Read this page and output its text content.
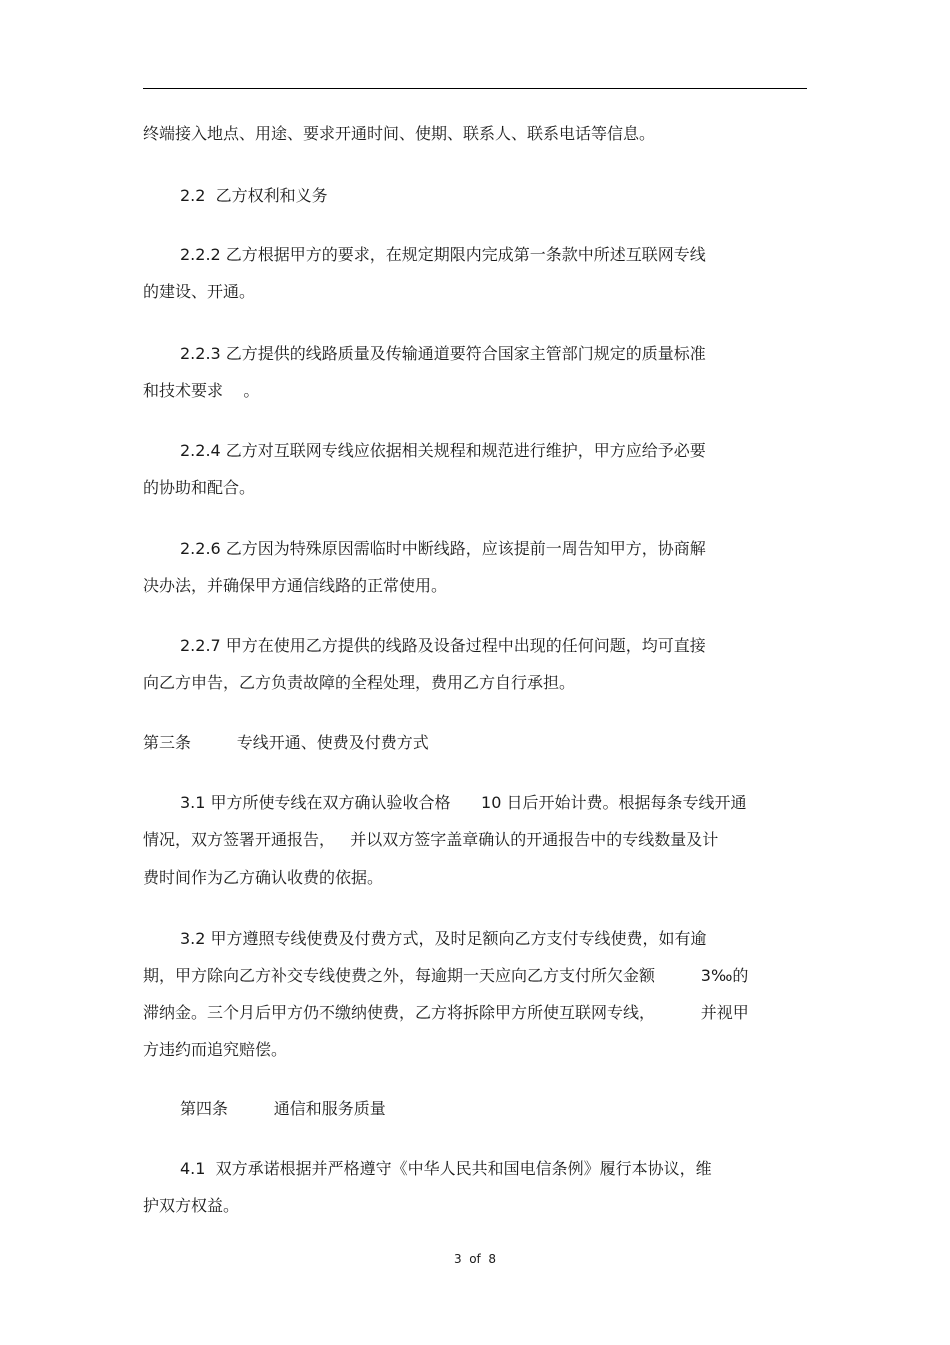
终端接入地点、用途、要求开通时间、使期、联系人、联系电话等信息。

2.2  乙方权利和义务

2.2.2 乙方根据甲方的要求，在规定期限内完成第一条款中所述互联网专线

的建设、开通。

2.2.3 乙方提供的线路质量及传输通道要符合国家主管部门规定的质量标准

和技术要求    。

2.2.4 乙方对互联网专线应依据相关规程和规范进行维护，甲方应给予必要

的协助和配合。

2.2.6 乙方因为特殊原因需临时中断线路，应该提前一周告知甲方，协商解

决办法，并确保甲方通信线路的正常使用。

2.2.7 甲方在使用乙方提供的线路及设备过程中出现的任何问题，均可直接

向乙方申告，乙方负责故障的全程处理，费用乙方自行承担。

第三条         专线开通、使费及付费方式

3.1 甲方所使专线在双方确认验收合格      10 日后开始计费。根据每条专线开通

情况，双方签署开通报告，   并以双方签字盖章确认的开通报告中的专线数量及计

费时间作为乙方确认收费的依据。

3.2 甲方遵照专线使费及付费方式，及时足额向乙方支付专线使费，如有逾

期，甲方除向乙方补交专线使费之外，每逾期一天应向乙方支付所欠金额         3‰的

滞纳金。三个月后甲方仍不缴纳使费，乙方将拆除甲方所使互联网专线，         并视甲

方违约而追究赔偿。

第四条         通信和服务质量

4.1  双方承诺根据并严格遵守《中华人民共和国电信条例》履行本协议，维

护双方权益。

3  of  8
